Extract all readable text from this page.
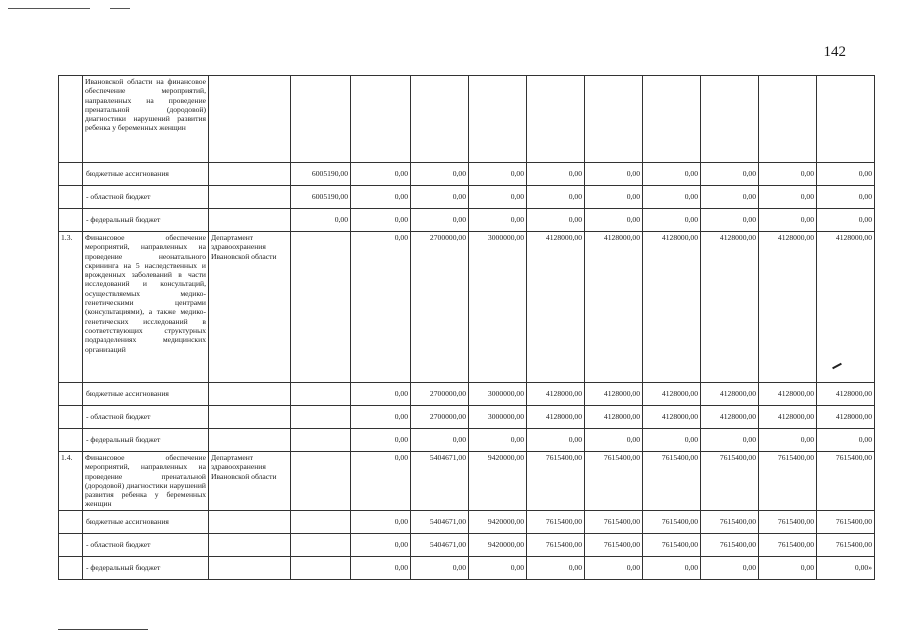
142
	Ивановской области на финансовое обеспечение мероприятий, направленных на проведение пренатальной (дородовой) диагностики нарушений развития ребенка у беременных женщин											
	бюджетные ассигнования		6005190,00	0,00	0,00	0,00	0,00	0,00	0,00	0,00	0,00	0,00
	- областной бюджет		6005190,00	0,00	0,00	0,00	0,00	0,00	0,00	0,00	0,00	0,00
	- федеральный бюджет		0,00	0,00	0,00	0,00	0,00	0,00	0,00	0,00	0,00	0,00
1.3.	Финансовое обеспечение мероприятий, направленных на проведение неонатального скрининга на 5 наследственных и врожденных заболеваний в части исследований и консультаций, осуществляемых медико-генетическими центрами (консультациями), а также медико-генетических исследований в соответствующих структурных подразделениях медицинских организаций	Департамент здравоохранения Ивановской области		0,00	2700000,00	3000000,00	4128000,00	4128000,00	4128000,00	4128000,00	4128000,00	4128000,00
	бюджетные ассигнования			0,00	2700000,00	3000000,00	4128000,00	4128000,00	4128000,00	4128000,00	4128000,00	4128000,00
	- областной бюджет			0,00	2700000,00	3000000,00	4128000,00	4128000,00	4128000,00	4128000,00	4128000,00	4128000,00
	- федеральный бюджет			0,00	0,00	0,00	0,00	0,00	0,00	0,00	0,00	0,00
1.4.	Финансовое обеспечение мероприятий, направленных на проведение пренатальной (дородовой) диагностики нарушений развития ребенка у беременных женщин	Департамент здравоохранения Ивановской области		0,00	5404671,00	9420000,00	7615400,00	7615400,00	7615400,00	7615400,00	7615400,00	7615400,00
	бюджетные ассигнования			0,00	5404671,00	9420000,00	7615400,00	7615400,00	7615400,00	7615400,00	7615400,00	7615400,00
	- областной бюджет			0,00	5404671,00	9420000,00	7615400,00	7615400,00	7615400,00	7615400,00	7615400,00	7615400,00
	- федеральный бюджет			0,00	0,00	0,00	0,00	0,00	0,00	0,00	0,00	0,00»
